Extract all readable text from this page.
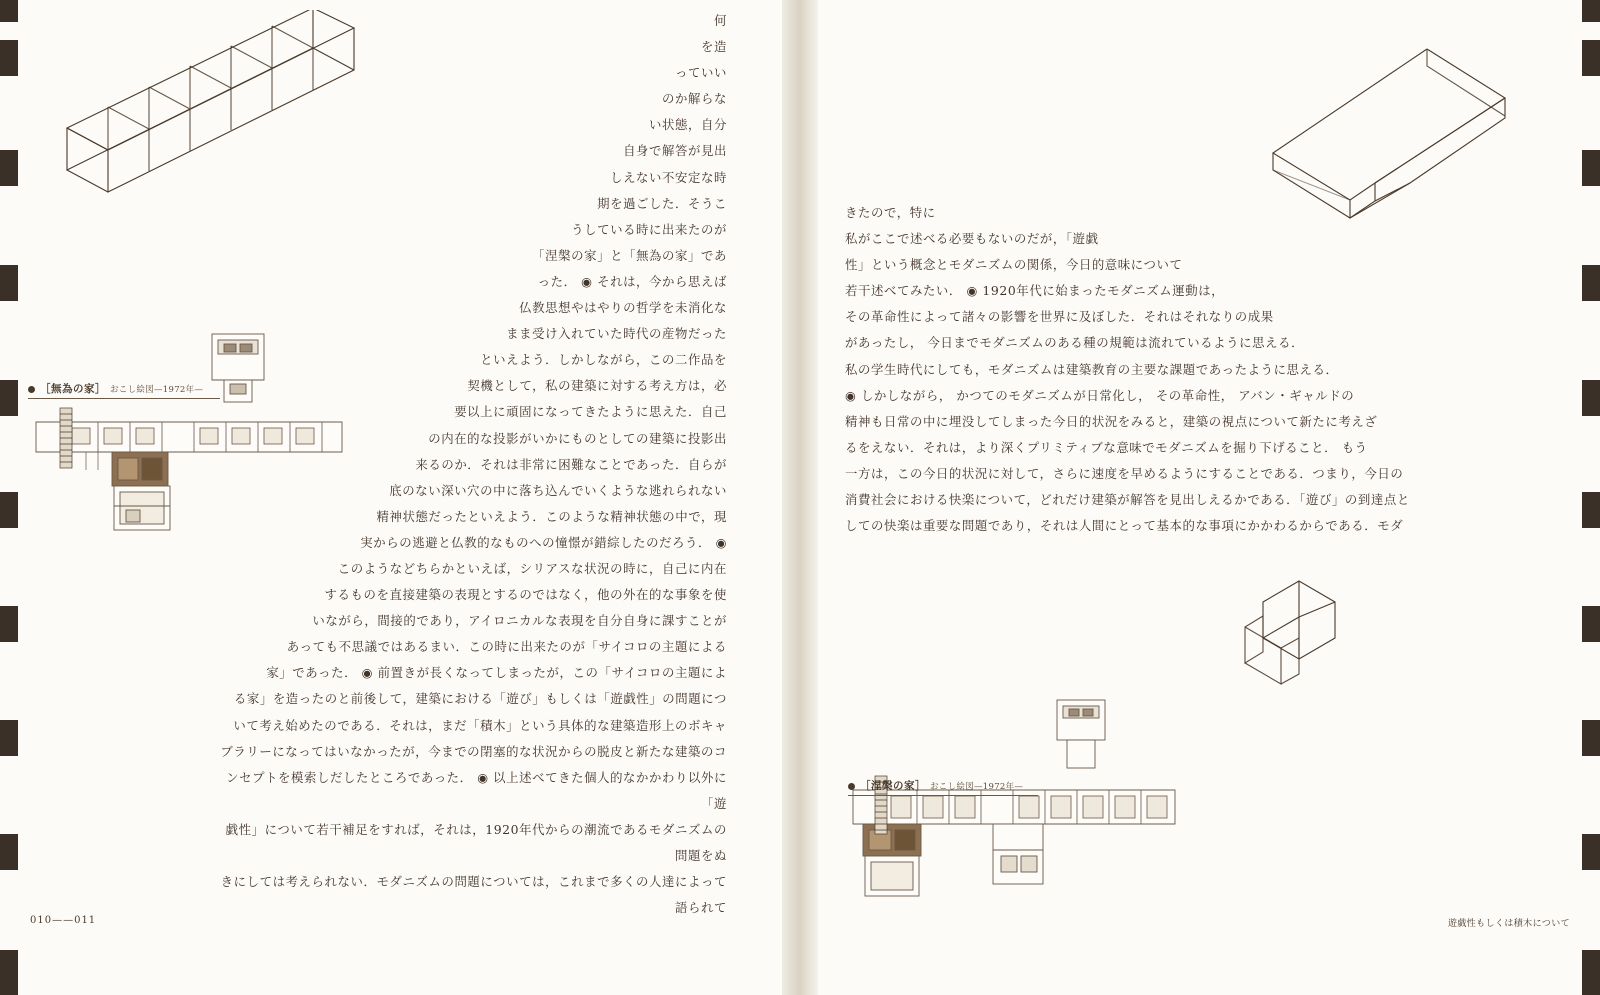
［無為の家］ おこし絵図—1972年—
何
を造
っていい
のか解らな
い状態，自分
自身で解答が見出
しえない不安定な時
期を過ごした．そうこ
うしている時に出来たのが
「涅槃の家」と「無為の家」であ
った． ◉ それは，今から思えば
仏教思想やはやりの哲学を未消化な
まま受け入れていた時代の産物だった
といえよう．しかしながら，この二作品を
契機として，私の建築に対する考え方は，必
要以上に頑固になってきたように思えた．自己
の内在的な投影がいかにものとしての建築に投影出
来るのか．それは非常に困難なことであった．自らが
底のない深い穴の中に落ち込んでいくような逃れられない
精神状態だったといえよう．このような精神状態の中で，現
実からの逃避と仏教的なものへの憧憬が錯綜したのだろう． ◉
このようなどちらかといえば，シリアスな状況の時に，自己に内在
するものを直接建築の表現とするのではなく，他の外在的な事象を使
いながら，間接的であり，アイロニカルな表現を自分自身に課すことが
あっても不思議ではあるまい．この時に出来たのが「サイコロの主題による
家」であった． ◉ 前置きが長くなってしまったが，この「サイコロの主題によ
る家」を造ったのと前後して，建築における「遊び」もしくは「遊戯性」の問題につ
いて考え始めたのである．それは，まだ「積木」という具体的な建築造形上のボキャ
ブラリーになってはいなかったが，今までの閉塞的な状況からの脱皮と新たな建築のコ
ンセプトを模索しだしたところであった． ◉ 以上述べてきた個人的なかかわり以外に「遊
戯性」について若干補足をすれば，それは，1920年代からの潮流であるモダニズムの問題をぬ
きにしては考えられない．モダニズムの問題については，これまで多くの人達によって語られて
010——011
［涅槃の家］ おこし絵図—1972年—
きたので，特に
私がここで述べる必要もないのだが，「遊戯
性」という概念とモダニズムの関係，今日的意味について
若干述べてみたい． ◉ 1920年代に始まったモダニズム運動は，
その革命性によって諸々の影響を世界に及ぼした．それはそれなりの成果
があったし， 今日までモダニズムのある種の規範は流れているように思える．
私の学生時代にしても，モダニズムは建築教育の主要な課題であったように思える．
◉ しかしながら， かつてのモダニズムが日常化し， その革命性， アバン・ギャルドの
精神も日常の中に埋没してしまった今日的状況をみると，建築の視点について新たに考えざ
るをえない．それは，より深くプリミティブな意味でモダニズムを掘り下げること． もう
一方は，この今日的状況に対して，さらに速度を早めるようにすることである．つまり，今日の
消費社会における快楽について，どれだけ建築が解答を見出しえるかである．「遊び」の到達点と
しての快楽は重要な問題であり，それは人間にとって基本的な事項にかかわるからである．モダ
遊戯性もしくは積木について
